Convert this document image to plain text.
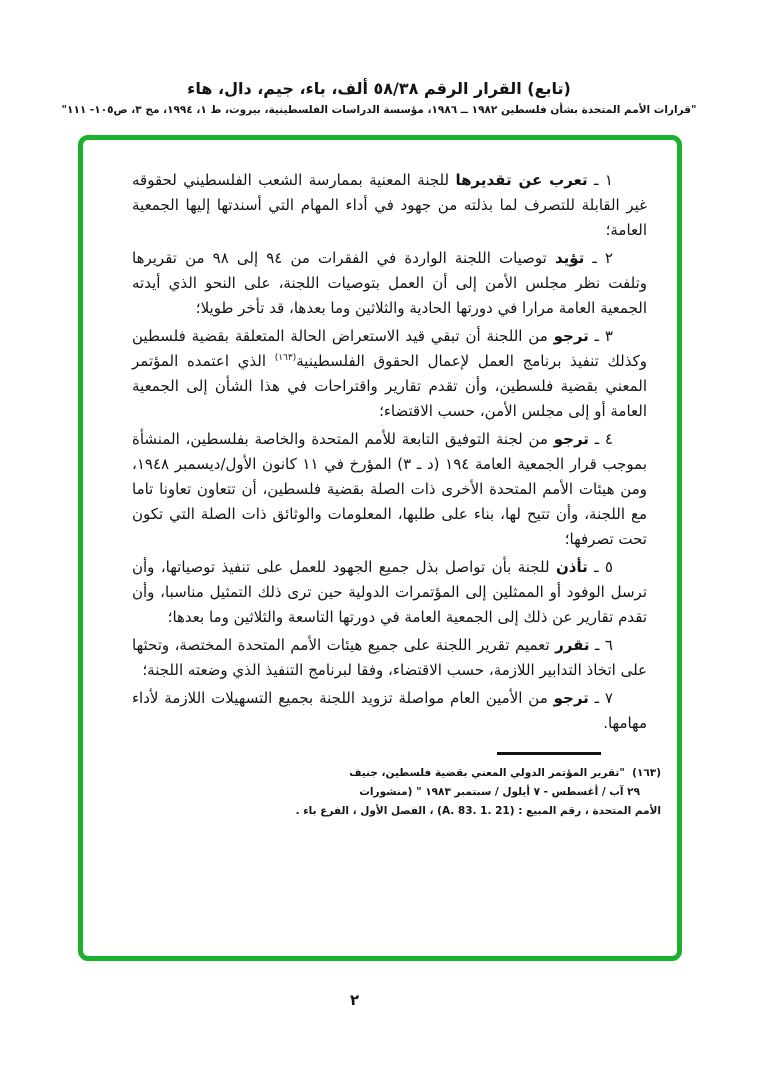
(تابع) القرار الرقم ٥٨/٣٨ ألف، باء، جيم، دال، هاء
"قرارات الأمم المتحدة بشأن فلسطين ١٩٨٢ ــ ١٩٨٦، مؤسسة الدراسات الفلسطينية، بيروت، ط ١، ١٩٩٤، مج ٣، ص١٠٥- ١١١"

١ ـ تعرب عن تقديرها للجنة المعنية بممارسة الشعب الفلسطيني لحقوقه غير القابلة للتصرف لما بذلته من جهود في أداء المهام التي أسندتها إليها الجمعية العامة؛

٢ ـ تؤيد توصيات اللجنة الواردة في الفقرات من ٩٤ إلى ٩٨ من تقريرها وتلفت نظر مجلس الأمن إلى أن العمل بتوصيات اللجنة، على النحو الذي أيدته الجمعية العامة مرارا في دورتها الحادية والثلاثين وما بعدها، قد تأخر طويلا؛

٣ ـ ترجو من اللجنة أن تبقي قيد الاستعراض الحالة المتعلقة بقضية فلسطين وكذلك تنفيذ برنامج العمل لإعمال الحقوق الفلسطينية$^{(١٦٣)}$ الذي اعتمده المؤتمر المعني بقضية فلسطين، وأن تقدم تقارير واقتراحات في هذا الشأن إلى الجمعية العامة أو إلى مجلس الأمن، حسب الاقتضاء؛

٤ ـ ترجو من لجنة التوفيق التابعة للأمم المتحدة والخاصة بفلسطين، المنشأة بموجب قرار الجمعية العامة ١٩٤ (د ـ ٣) المؤرخ في ١١ كانون الأول/ديسمبر ١٩٤٨، ومن هيئات الأمم المتحدة الأخرى ذات الصلة بقضية فلسطين، أن تتعاون تعاونا تاما مع اللجنة، وأن تتيح لها، بناء على طلبها، المعلومات والوثائق ذات الصلة التي تكون تحت تصرفها؛

٥ ـ تأذن للجنة بأن تواصل بذل جميع الجهود للعمل على تنفيذ توصياتها، وأن ترسل الوفود أو الممثلين إلى المؤتمرات الدولية حين ترى ذلك التمثيل مناسبا، وأن تقدم تقارير عن ذلك إلى الجمعية العامة في دورتها التاسعة والثلاثين وما بعدها؛

٦ ـ تقرر تعميم تقرير اللجنة على جميع هيئات الأمم المتحدة المختصة، وتحثها على اتخاذ التدابير اللازمة، حسب الاقتضاء، وفقا لبرنامج التنفيذ الذي وضعته اللجنة؛

٧ ـ ترجو من الأمين العام مواصلة تزويد اللجنة بجميع التسهيلات اللازمة لأداء مهامها.

(١٦٣)  "تقرير المؤتمر الدولي المعني بقضية فلسطين، جنيف
٢٩ آب / أغسطس - ٧ أيلول / سبتمبر ١٩٨٣ " (منشورات
الأمم المتحدة ، رقم المبيع : (A. 83. 1. 21) ، الفصل الأول ، الفرع باء .
٢
